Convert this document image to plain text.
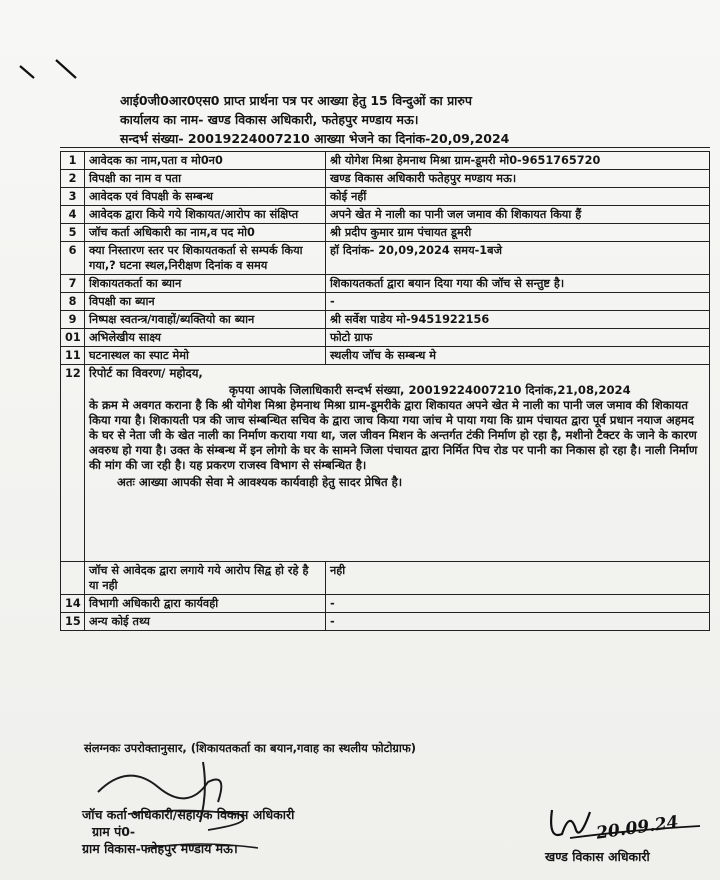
आई0जी0आर0एस0 प्राप्त प्रार्थना पत्र पर आख्या हेतु 15 विन्दुओं का प्रारुप
कार्यालय का नाम- खण्ड विकास अधिकारी, फतेहपुर मण्डाय मऊ।
सन्दर्भ संख्या- 20019224007210 आख्या भेजने का दिनांक-20,09,2024
1	आवेदक का नाम,पता व मो0न0	श्री योगेश मिश्रा हेमनाथ मिश्रा ग्राम-डूमरी मो0-9651765720
2	विपक्षी का नाम व पता	खण्ड विकास अधिकारी फतेहपुर मण्डाय मऊ।
3	आवेदक एवं विपक्षी के सम्बन्ध	कोई नहीं
4	आवेदक द्वारा किये गये शिकायत/आरोप का संक्षिप्त	अपने खेत मे नाली का पानी जल जमाव की शिकायत किया हैं
5	जॉच कर्ता अधिकारी का नाम,व पद मो0	श्री प्रदीप कुमार ग्राम पंचायत डूमरी
6	क्या निस्तारण स्तर पर शिकायतकर्ता से सम्पर्क किया गया,? घटना स्थल,निरीक्षण दिनांक व समय	हॉ दिनांक- 20,09,2024 समय-1बजे
7	शिकायतकर्ता का ब्यान	शिकायतकर्ता द्वारा बयान दिया गया की जॉच से सन्तुष्ट है।
8	विपक्षी का ब्यान	-
9	निष्पक्ष स्वतन्त्र/गवाहों/ब्यक्तियो का ब्यान	श्री सर्वेश पाडेय मो-9451922156
01	अभिलेखीय साक्ष्य	फोटो ग्राफ
11	घटनास्थल का स्पाट मेमो	स्थलीय जॉच के सम्बन्ध मे
12	रिपोर्ट का विवरण/ महोदय,
कृपया आपके जिलाधिकारी सन्दर्भ संख्या, 20019224007210 दिनांक,21,08,2024
के क्रम मे अवगत कराना है कि श्री योगेश मिश्रा हेमनाथ मिश्रा ग्राम-डूमरीके द्वारा शिकायत अपने खेत मे नाली का पानी जल जमाव की शिकायत किया गया है। शिकायती पत्र की जाच संम्बन्धित सचिव के द्वारा जाच किया गया जांच मे पाया गया कि ग्राम पंचायत द्वारा पूर्व प्रधान नयाज अहमद के घर से नेता जी के खेत नाली का निर्माण कराया गया था, जल जीवन मिशन के अन्तर्गत टंकी निर्माण हो रहा है, मशीनो टैक्टर के जाने के कारण अवरुध हो गया है। उक्त के संम्बन्ध में इन लोगो के घर के सामने जिला पंचायत द्वारा निर्मित पिच रोड पर पानी का निकास हो रहा है। नाली निर्माण की मांग की जा रही है। यह प्रकरण राजस्व विभाग से संम्बन्धित है।
अतः आख्या आपकी सेवा मे आवश्यक कार्यवाही हेतु सादर प्रेषित है।	

	जॉच से आवेदक द्वारा लगाये गये आरोप सिद्व हो रहे है या नही	नही
14	विभागी अधिकारी द्वारा कार्यवही	-
15	अन्य कोई तथ्य	-
संलग्नकः उपरोक्तानुसार, (शिकायतकर्ता का बयान,गवाह का स्थलीय फोटोग्राफ)
जॉच कर्ता अधिकारी/सहायक विकास अधिकारी
ग्राम पं0-
ग्राम विकास-फतेहपुर मण्डाय मऊ।
20.09.24
खण्ड विकास अधिकारी
